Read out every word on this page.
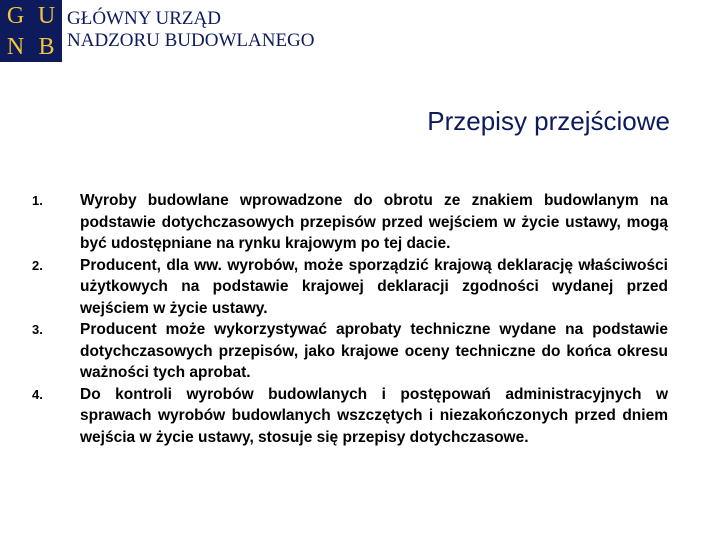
G U
N B
GŁÓWNY URZĄD
NADZORU BUDOWLANEGO
Przepisy przejściowe
1.	Wyroby budowlane wprowadzone do obrotu ze znakiem budowlanym na podstawie dotychczasowych przepisów przed wejściem w życie ustawy, mogą być udostępniane na rynku krajowym po tej dacie.
2.	Producent, dla ww. wyrobów, może sporządzić krajową deklarację właściwości użytkowych na podstawie krajowej deklaracji zgodności wydanej przed wejściem w życie ustawy.
3.	Producent może wykorzystywać aprobaty techniczne wydane na podstawie dotychczasowych przepisów, jako krajowe oceny techniczne do końca okresu ważności tych aprobat.
4.	Do kontroli wyrobów budowlanych i postępowań administracyjnych w sprawach wyrobów budowlanych wszczętych i niezakończonych przed dniem wejścia w życie ustawy, stosuje się przepisy dotychczasowe.
